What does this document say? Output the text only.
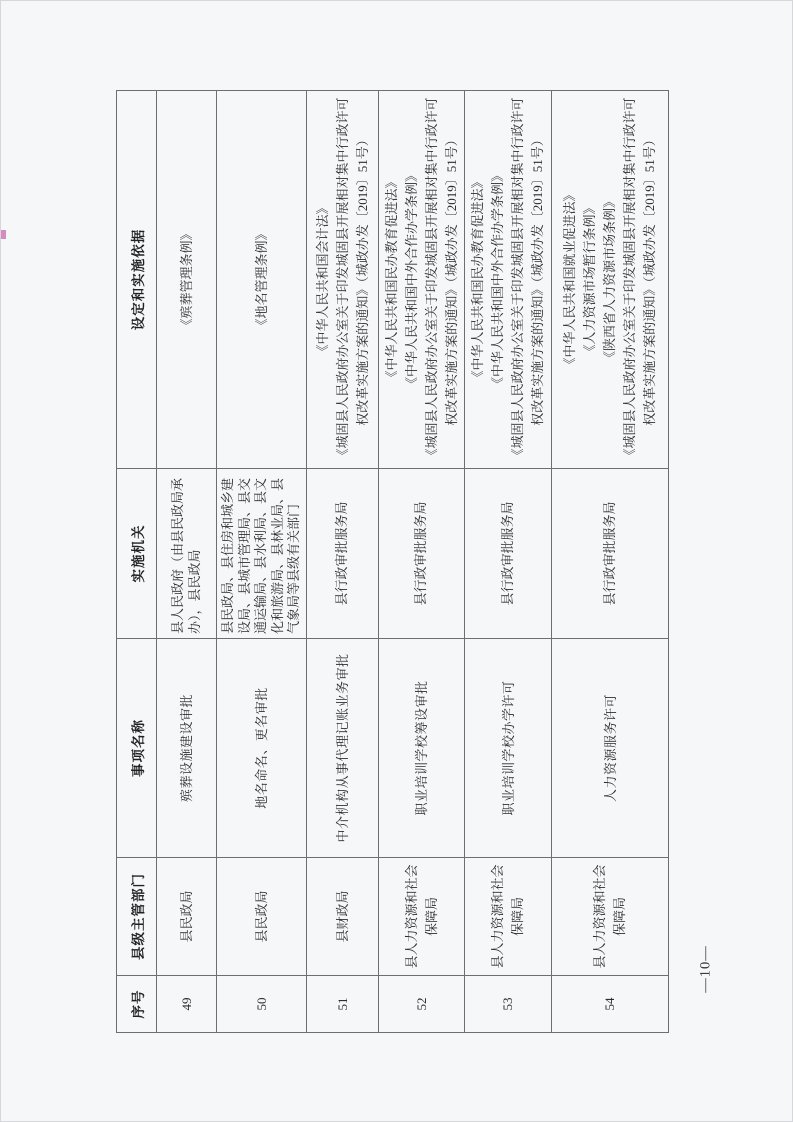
序号	县级主管部门	事项名称	实施机关	设定和实施依据
49	县民政局	殡葬设施建设审批	县人民政府（由县民政局承办），县民政局	《殡葬管理条例》

50	县民政局	地名命名、更名审批	县民政局、县住房和城乡建设局、县城市管理局、县交通运输局、县水利局、县文化和旅游局、县林业局、县气象局等县级有关部门	《地名管理条例》

51	县财政局	中介机构从事代理记账业务审批	县行政审批服务局	《中华人民共和国会计法》 《城固县人民政府办公室关于印发城固县开展相对集中行政许可权改革实施方案的通知》（城政办发〔2019〕51号）

52	县人力资源和社会保障局	职业培训学校筹设审批	县行政审批服务局	《中华人民共和国民办教育促进法》 《中华人民共和国中外合作办学条例》 《城固县人民政府办公室关于印发城固县开展相对集中行政许可权改革实施方案的通知》（城政办发〔2019〕51号）

53	县人力资源和社会保障局	职业培训学校办学许可	县行政审批服务局	《中华人民共和国民办教育促进法》 《中华人民共和国中外合作办学条例》 《城固县人民政府办公室关于印发城固县开展相对集中行政许可权改革实施方案的通知》（城政办发〔2019〕51号）

54	县人力资源和社会保障局	人力资源服务许可	县行政审批服务局	《中华人民共和国就业促进法》 《人力资源市场暂行条例》 《陕西省人力资源市场条例》 《城固县人民政府办公室关于印发城固县开展相对集中行政许可权改革实施方案的通知》（城政办发〔2019〕51号）
—10—
